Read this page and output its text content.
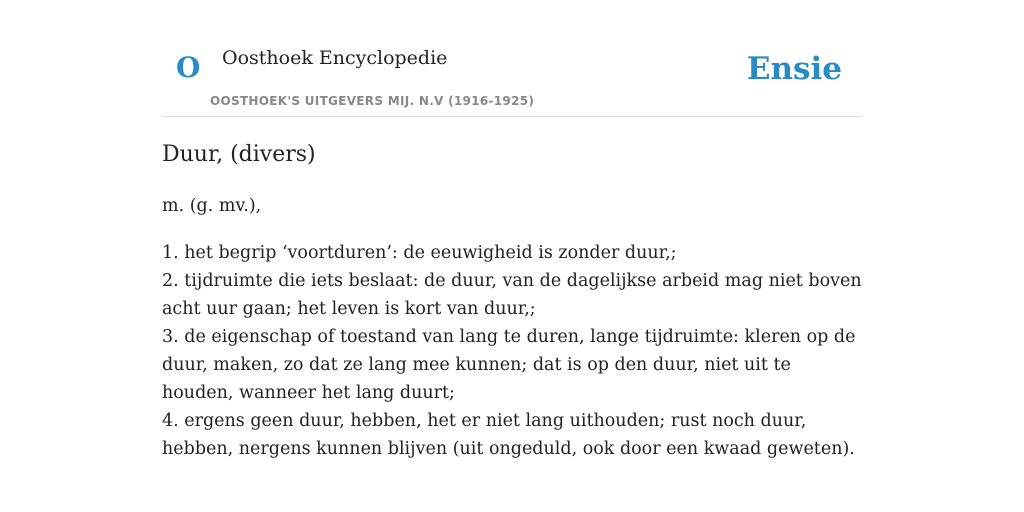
O Oosthoek Encyclopedie
OOSTHOEK'S UITGEVERS MIJ. N.V (1916-1925)
Ensie
Duur, (divers)
m. (g. mv.),
1. het begrip ‘voortduren’: de eeuwigheid is zonder duur,;
2. tijdruimte die iets beslaat: de duur, van de dagelijkse arbeid mag niet boven acht uur gaan; het leven is kort van duur,;
3. de eigenschap of toestand van lang te duren, lange tijdruimte: kleren op de duur, maken, zo dat ze lang mee kunnen; dat is op den duur, niet uit te houden, wanneer het lang duurt;
4. ergens geen duur, hebben, het er niet lang uithouden; rust noch duur, hebben, nergens kunnen blijven (uit ongeduld, ook door een kwaad geweten).
